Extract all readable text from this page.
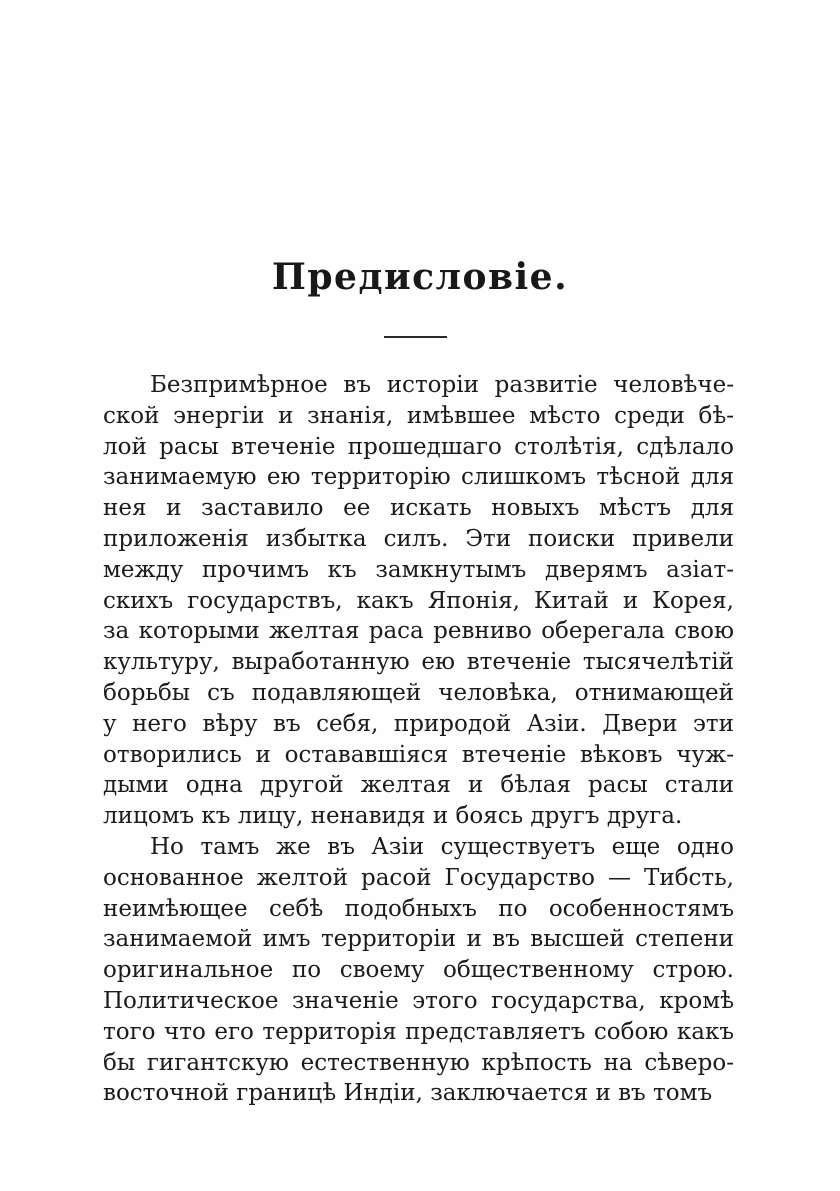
Предисловіе.
Безпримѣрное въ исторіи развитіе человѣче-
ской энергіи и знанія, имѣвшее мѣсто среди бѣ-
лой расы втеченіе прошедшаго столѣтія, сдѣлало
занимаемую ею территорію слишкомъ тѣсной для
нея и заставило ее искать новыхъ мѣстъ для
приложенія избытка силъ. Эти поиски привели
между прочимъ къ замкнутымъ дверямъ азіат-
скихъ государствъ, какъ Японія, Китай и Корея,
за которыми желтая раса ревниво оберегала свою
культуру, выработанную ею втеченіе тысячелѣтій
борьбы съ подавляющей человѣка, отнимающей
у него вѣру въ себя, природой Азіи. Двери эти
отворились и остававшіяся втеченіе вѣковъ чуж-
дыми одна другой желтая и бѣлая расы стали
лицомъ къ лицу, ненавидя и боясь другъ друга.
Но тамъ же въ Азіи существуетъ еще одно
основанное желтой расой Государство — Тибсть,
неимѣющее себѣ подобныхъ по особенностямъ
занимаемой имъ территоріи и въ высшей степени
оригинальное по своему общественному строю.
Политическое значеніе этого государства, кромѣ
того что его территорія представляетъ собою какъ
бы гигантскую естественную крѣпость на сѣверо-
восточной границѣ Индіи, заключается и въ томъ
